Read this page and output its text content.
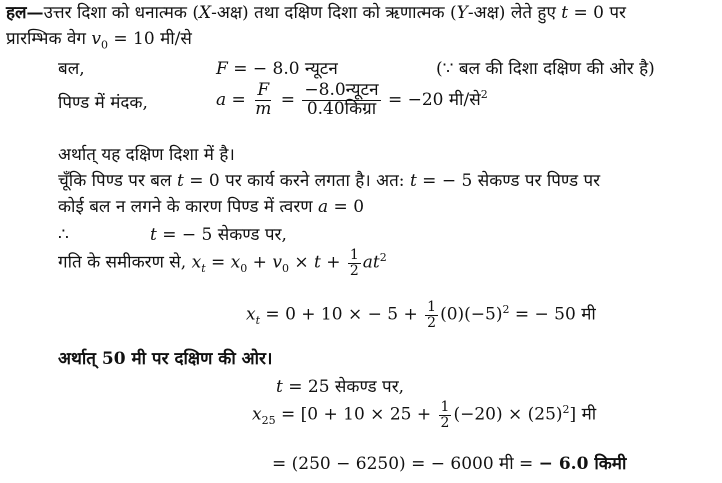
हल—उत्तर दिशा को धनात्मक (X-अक्ष) तथा दक्षिण दिशा को ऋणात्मक (Y-अक्ष) लेते हुए t = 0 पर
प्रारम्भिक वेग $v_0 = 10$ मी/से
बल,	F = − 8.0 न्यूटन	(∵ बल की दिशा दक्षिण की ओर है)
पिण्ड में मंदक,	$a = \frac{F}{m} = \frac{\text{−8.0न्यूटन}}{\text{0.40किग्रा}} = -20$ मी/से$^2$
अर्थात् यह दक्षिण दिशा में है।
चूँकि पिण्ड पर बल t = 0 पर कार्य करने लगता है। अत: t = − 5 सेकण्ड पर पिण्ड पर
कोई बल न लगने के कारण पिण्ड में त्वरण a = 0
∴	t = − 5 सेकण्ड पर,
गति के समीकरण से, $x_t = x_0 + v_0 \times t + \frac{1}{2} at^2$
$x_t = 0 + 10$ × − $5 + \frac{1}{2} (0)(-5)^2$ = − 50 मी
अर्थात् 50 मी पर दक्षिण की ओर।
t = 25 सेकण्ड पर,
$x_{25} = [0 + 10 \times 25 + \frac{1}{2} (-20) \times (25)^2]$ मी
= (250 − 6250) = − 6000 मी = − 6.0 किमी
